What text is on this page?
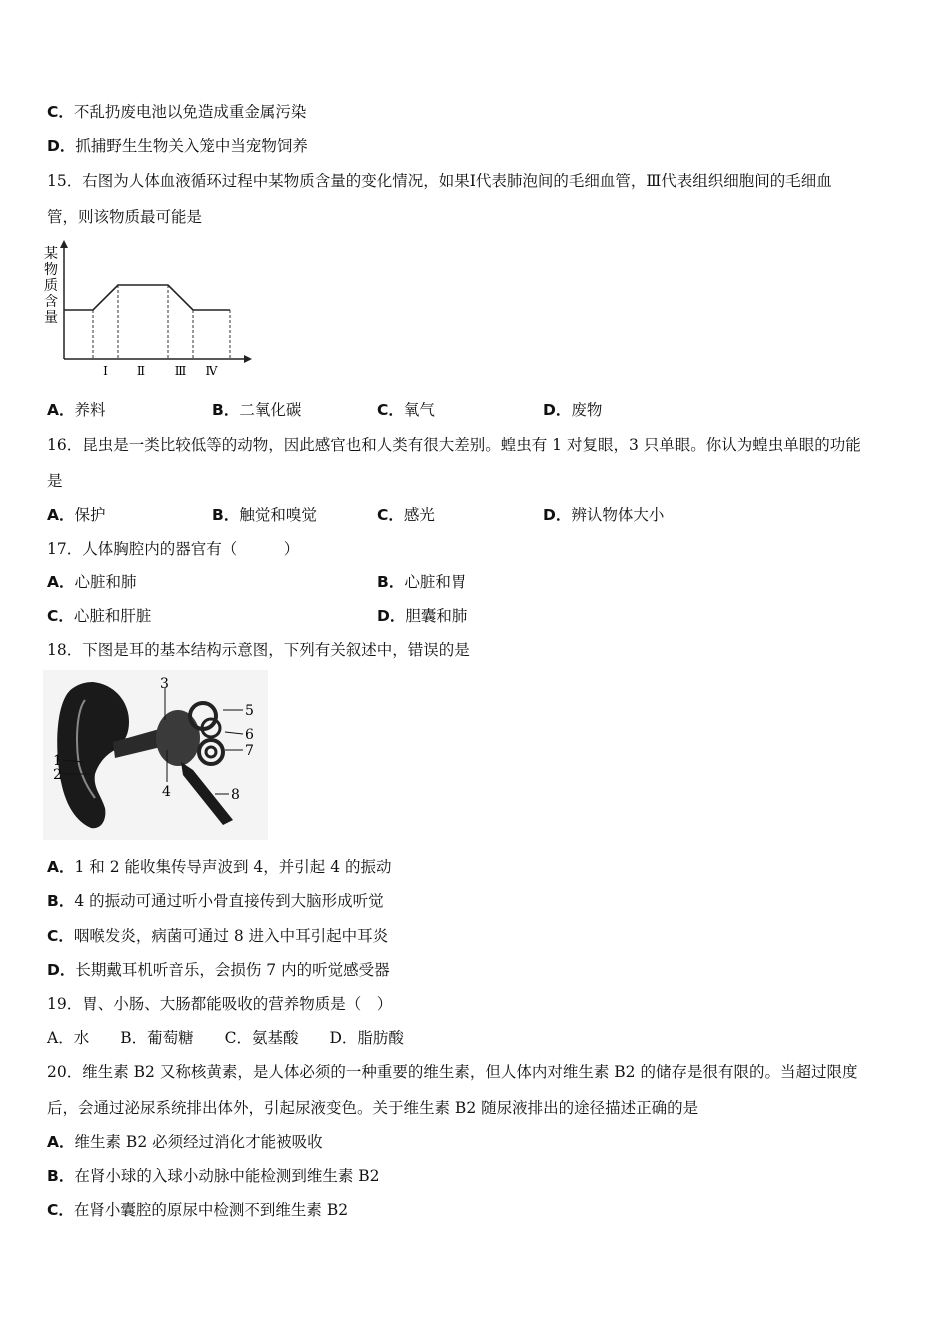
C．不乱扔废电池以免造成重金属污染
D．抓捕野生生物关入笼中当宠物饲养
15．右图为人体血液循环过程中某物质含量的变化情况，如果Ⅰ代表肺泡间的毛细血管，Ⅲ代表组织细胞间的毛细血
管，则该物质最可能是
某
物
质
含
量
Ⅰ Ⅱ Ⅲ Ⅳ
A．养料	B．二氧化碳	C．氧气	D．废物
16．昆虫是一类比较低等的动物，因此感官也和人类有很大差别。蝗虫有 1 对复眼，3 只单眼。你认为蝗虫单眼的功能
是
A．保护	B．触觉和嗅觉	C．感光	D．辨认物体大小
17．人体胸腔内的器官有（　　　）
A．心脏和肺	B．心脏和胃
C．心脏和肝脏	D．胆囊和肺
18．下图是耳的基本结构示意图，下列有关叙述中，错误的是
1
2
3
4
5
6
7
8
A．1 和 2 能收集传导声波到 4，并引起 4 的振动
B．4 的振动可通过听小骨直接传到大脑形成听觉
C．咽喉发炎，病菌可通过 8 进入中耳引起中耳炎
D．长期戴耳机听音乐，会损伤 7 内的听觉感受器
19．胃、小肠、大肠都能吸收的营养物质是（　）
A．水　　B．葡萄糖　　C．氨基酸　　D．脂肪酸
20．维生素 B2 又称核黄素，是人体必须的一种重要的维生素，但人体内对维生素 B2 的储存是很有限的。当超过限度
后，会通过泌尿系统排出体外，引起尿液变色。关于维生素 B2 随尿液排出的途径描述正确的是
A．维生素 B2 必须经过消化才能被吸收
B．在肾小球的入球小动脉中能检测到维生素 B2
C．在肾小囊腔的原尿中检测不到维生素 B2
